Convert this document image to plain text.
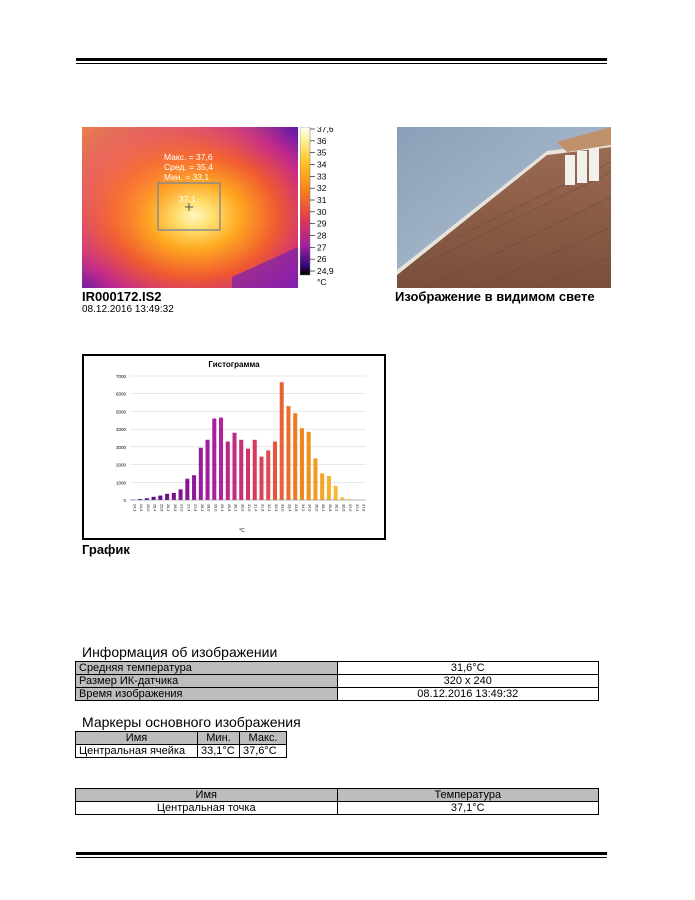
Макс. = 37,6
Сред. = 35,4
Мин. = 33,1
37,1
37,6
36
35
34
33
32
31
30
29
28
27
26
24,9
°C
IR000172.IS2
08.12.2016 13:49:32
Изображение в видимом свете
Гистограмма
0
1000
2000
3000
4000
5000
6000
7000
24,2 24,6 25,0 25,4 25,8 26,2 26,6 27,0 27,4 27,8 28,2 28,6 29,0 29,4 29,8 30,2 30,6 31,0 31,4 31,8 32,2 32,6 33,0 33,4 33,8 34,2 34,6 35,0 35,4 35,8 36,2 36,6 37,0 37,4 37,8
°C
График
Информация об изображении
Средняя температура	31,6°C
Размер ИК-датчика	320 x 240
Время изображения	08.12.2016 13:49:32
Маркеры основного изображения
Имя	Мин.	Макс.
Центральная ячейка	33,1°C	37,6°C
Имя	Температура
Центральная точка	37,1°C
